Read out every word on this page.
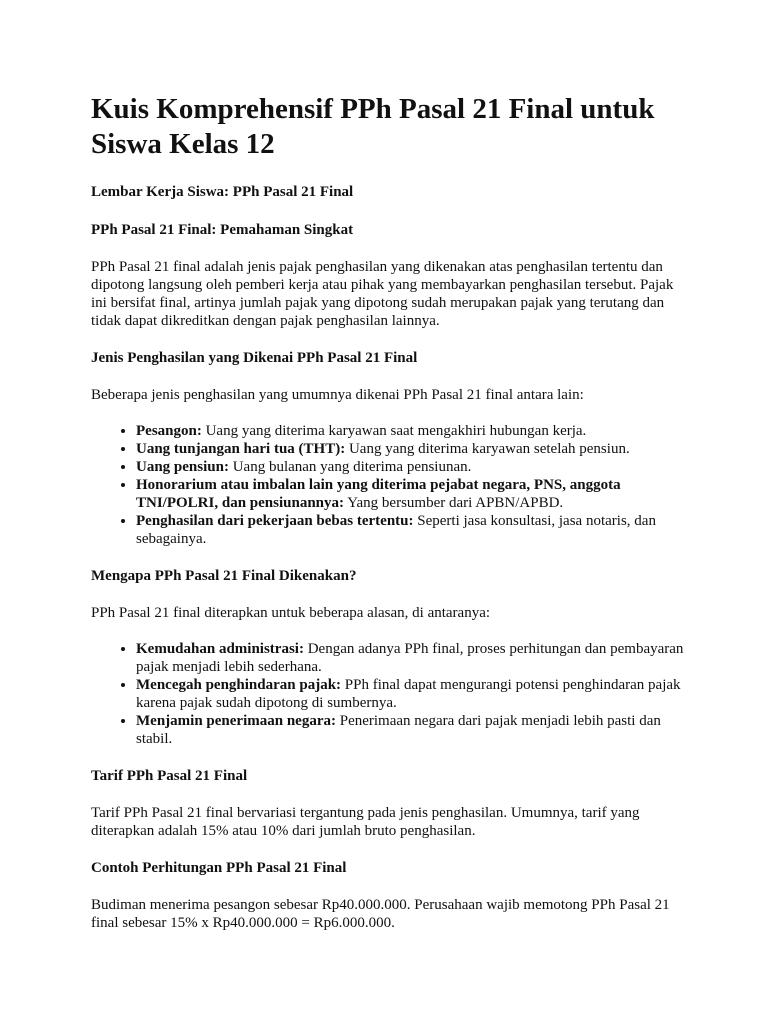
Kuis Komprehensif PPh Pasal 21 Final untuk Siswa Kelas 12
Lembar Kerja Siswa: PPh Pasal 21 Final
PPh Pasal 21 Final: Pemahaman Singkat

PPh Pasal 21 final adalah jenis pajak penghasilan yang dikenakan atas penghasilan tertentu dan dipotong langsung oleh pemberi kerja atau pihak yang membayarkan penghasilan tersebut. Pajak ini bersifat final, artinya jumlah pajak yang dipotong sudah merupakan pajak yang terutang dan tidak dapat dikreditkan dengan pajak penghasilan lainnya.

Jenis Penghasilan yang Dikenai PPh Pasal 21 Final

Beberapa jenis penghasilan yang umumnya dikenai PPh Pasal 21 final antara lain:

• Pesangon: Uang yang diterima karyawan saat mengakhiri hubungan kerja.
• Uang tunjangan hari tua (THT): Uang yang diterima karyawan setelah pensiun.
• Uang pensiun: Uang bulanan yang diterima pensiunan.
• Honorarium atau imbalan lain yang diterima pejabat negara, PNS, anggota TNI/POLRI, dan pensiunannya: Yang bersumber dari APBN/APBD.
• Penghasilan dari pekerjaan bebas tertentu: Seperti jasa konsultasi, jasa notaris, dan sebagainya.
Mengapa PPh Pasal 21 Final Dikenakan?

PPh Pasal 21 final diterapkan untuk beberapa alasan, di antaranya:

• Kemudahan administrasi: Dengan adanya PPh final, proses perhitungan dan pembayaran pajak menjadi lebih sederhana.
• Mencegah penghindaran pajak: PPh final dapat mengurangi potensi penghindaran pajak karena pajak sudah dipotong di sumbernya.
• Menjamin penerimaan negara: Penerimaan negara dari pajak menjadi lebih pasti dan stabil.
Tarif PPh Pasal 21 Final

Tarif PPh Pasal 21 final bervariasi tergantung pada jenis penghasilan. Umumnya, tarif yang diterapkan adalah 15% atau 10% dari jumlah bruto penghasilan.

Contoh Perhitungan PPh Pasal 21 Final

Budiman menerima pesangon sebesar Rp40.000.000. Perusahaan wajib memotong PPh Pasal 21 final sebesar 15% x Rp40.000.000 = Rp6.000.000.
